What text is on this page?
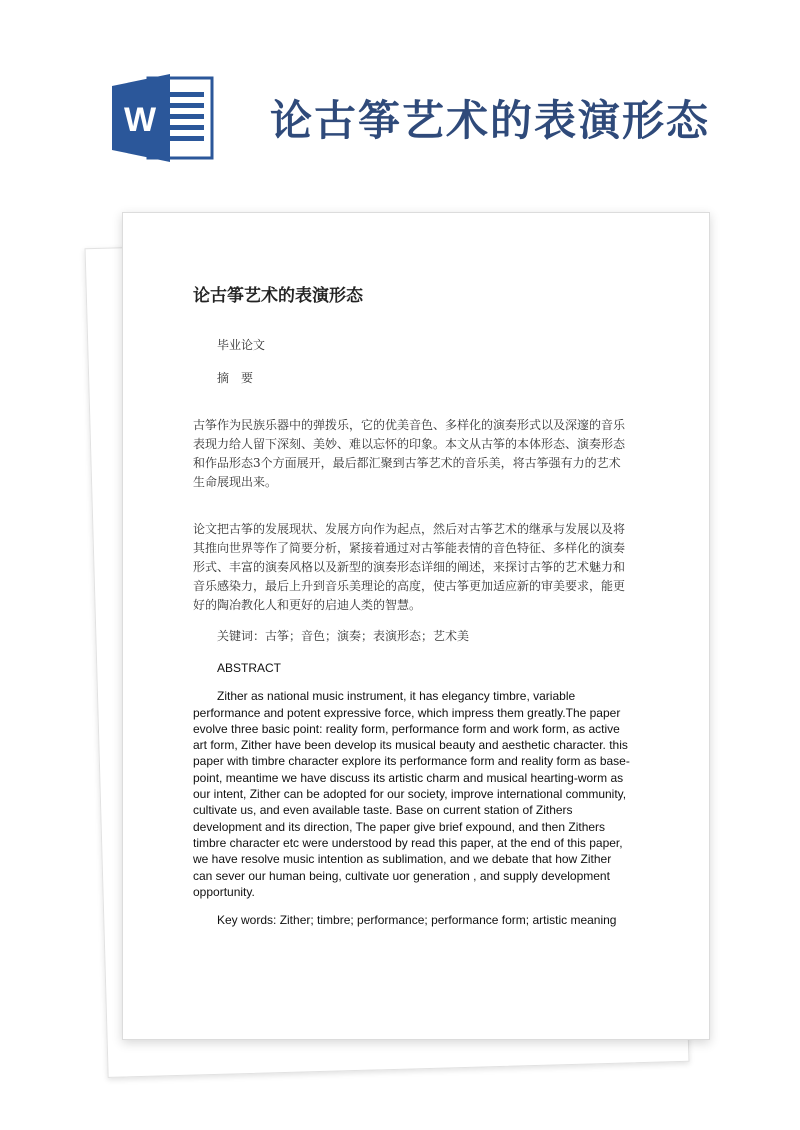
W	论古筝艺术的表演形态
论古筝艺术的表演形态

毕业论文

摘　要

古筝作为民族乐器中的弹拨乐，它的优美音色、多样化的演奏形式以及深邃的音乐表现力给人留下深刻、美妙、难以忘怀的印象。本文从古筝的本体形态、演奏形态和作品形态3个方面展开，最后都汇聚到古筝艺术的音乐美，将古筝强有力的艺术生命展现出来。

论文把古筝的发展现状、发展方向作为起点，然后对古筝艺术的继承与发展以及将其推向世界等作了简要分析，紧接着通过对古筝能表情的音色特征、多样化的演奏形式、丰富的演奏风格以及新型的演奏形态详细的阐述，来探讨古筝的艺术魅力和音乐感染力，最后上升到音乐美理论的高度，使古筝更加适应新的审美要求，能更好的陶冶教化人和更好的启迪人类的智慧。

关键词：古筝；音色；演奏；表演形态；艺术美

ABSTRACT

Zither as national music instrument, it has elegancy timbre, variable performance and potent expressive force, which impress them greatly.The paper evolve three basic point: reality form, performance form and work form, as active art form, Zither have been develop its musical beauty and aesthetic character. this paper with timbre character explore its performance form and reality form as base-point, meantime we have discuss its artistic charm and musical hearting-worm as our intent, Zither can be adopted for our society, improve international community, cultivate us, and even available taste. Base on current station of Zithers development and its direction, The paper give brief expound, and then Zithers timbre character etc were understood by read this paper, at the end of this paper, we have resolve music intention as sublimation, and we debate that how Zither can sever our human being, cultivate uor generation , and supply development opportunity.

Key words: Zither; timbre; performance; performance form; artistic meaning
